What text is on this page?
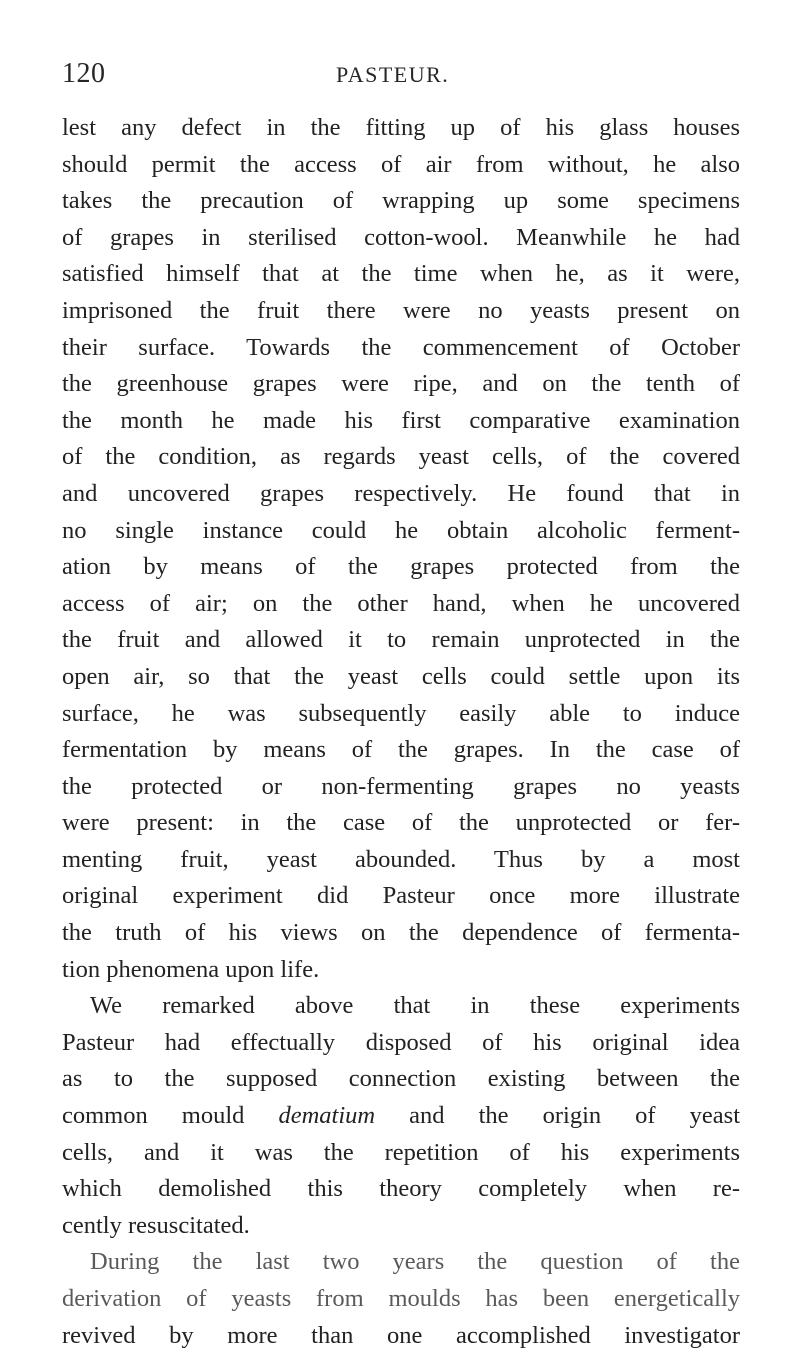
120	PASTEUR.
lest any defect in the fitting up of his glass houses
should permit the access of air from without, he also
takes the precaution of wrapping up some specimens
of grapes in sterilised cotton-wool. Meanwhile he had
satisfied himself that at the time when he, as it were,
imprisoned the fruit there were no yeasts present on
their surface. Towards the commencement of October
the greenhouse grapes were ripe, and on the tenth of
the month he made his first comparative examination
of the condition, as regards yeast cells, of the covered
and uncovered grapes respectively. He found that in
no single instance could he obtain alcoholic ferment-
ation by means of the grapes protected from the
access of air; on the other hand, when he uncovered
the fruit and allowed it to remain unprotected in the
open air, so that the yeast cells could settle upon its
surface, he was subsequently easily able to induce
fermentation by means of the grapes. In the case of
the protected or non-fermenting grapes no yeasts
were present: in the case of the unprotected or fer-
menting fruit, yeast abounded. Thus by a most
original experiment did Pasteur once more illustrate
the truth of his views on the dependence of fermenta-
tion phenomena upon life.
We remarked above that in these experiments
Pasteur had effectually disposed of his original idea
as to the supposed connection existing between the
common mould dematium and the origin of yeast
cells, and it was the repetition of his experiments
which demolished this theory completely when re-
cently resuscitated.
During the last two years the question of the
derivation of yeasts from moulds has been energetically
revived by more than one accomplished investigator
